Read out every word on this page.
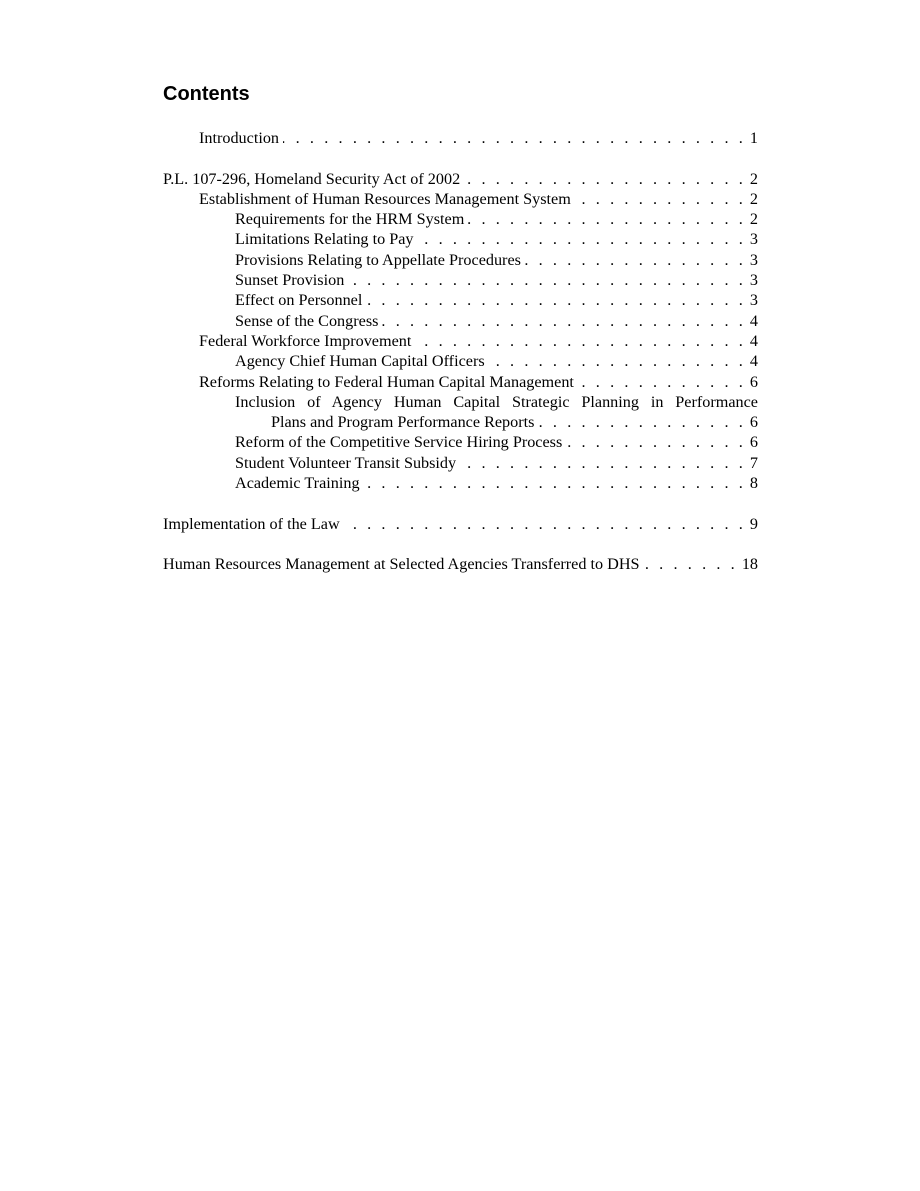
Contents
Introduction . . .	1
P.L. 107-296, Homeland Security Act of 2002 . . .	2
Establishment of Human Resources Management System . . .	2
Requirements for the HRM System . . .	2
Limitations Relating to Pay . . .	3
Provisions Relating to Appellate Procedures . . .	3
Sunset Provision . . .	3
Effect on Personnel . . .	3
Sense of the Congress . . .	4
Federal Workforce Improvement . . .	4
Agency Chief Human Capital Officers . . .	4
Reforms Relating to Federal Human Capital Management . . .	6
Inclusion of Agency Human Capital Strategic Planning in Performance
Plans and Program Performance Reports . . .	6
Reform of the Competitive Service Hiring Process . . .	6
Student Volunteer Transit Subsidy . . .	7
Academic Training . . .	8
Implementation of the Law . . .	9
Human Resources Management at Selected Agencies Transferred to DHS . . .	18
